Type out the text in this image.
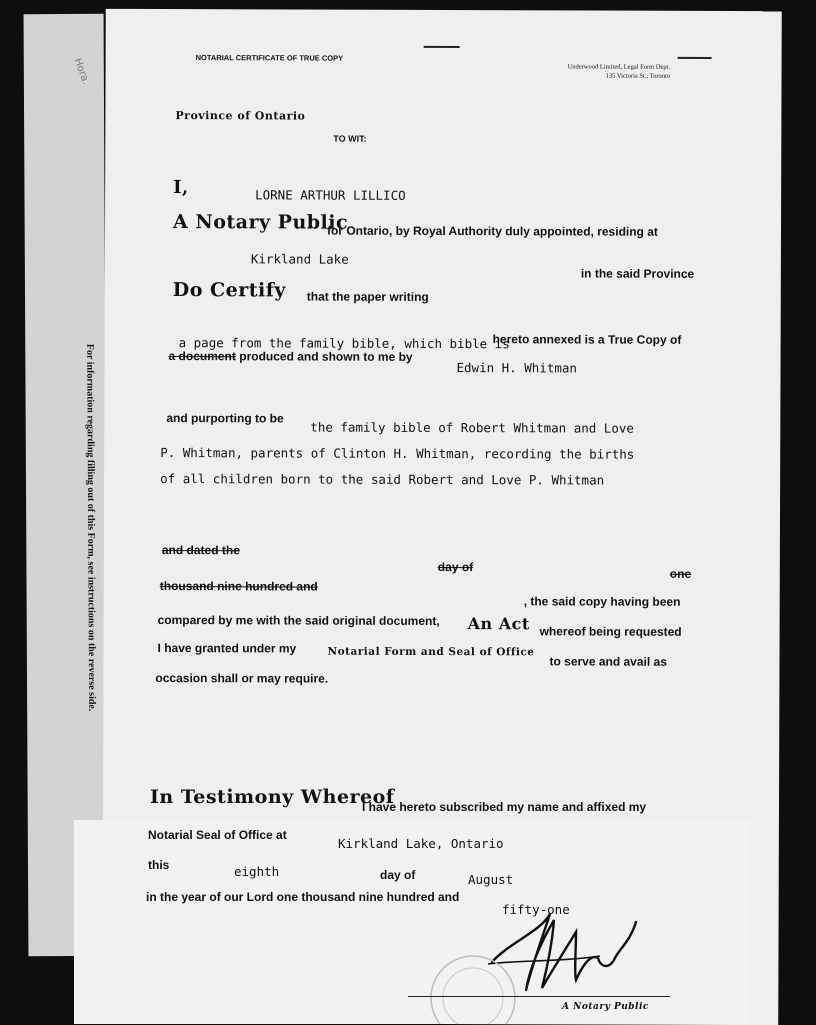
For information regarding filling out of this Form, see instructions on the reverse side.
Hora.	NOTARIAL CERTIFICATE OF TRUE COPY
Underwood Limited, Legal Form Dept.
135 Victoria St., Toronto
Province of Ontario
TO WIT:
I,	LORNE ARTHUR LILLICO
A Notary Public
for Ontario, by Royal Authority duly appointed, residing at
Kirkland Lake
in the said Province
Do Certify that the paper writing
a page from the family bible, which bible is
hereto annexed is a True Copy of
a document produced and shown to me by
Edwin H. Whitman
and purporting to be
the family bible of Robert Whitman and Love
P. Whitman, parents of Clinton H. Whitman, recording the births
of all children born to the said Robert and Love P. Whitman
and dated the
day of	one
thousand nine hundred and
, the said copy having been
compared by me with the said original document, An Act whereof being requested
I have granted under my	Notarial Form and Seal of Office
to serve and avail as
occasion shall or may require.
In Testimony Whereof
I have hereto subscribed my name and affixed my
Notarial Seal of Office at
Kirkland Lake, Ontario
this	eighth	day of	August
in the year of our Lord one thousand nine hundred and
fifty-one
A Notary Public
